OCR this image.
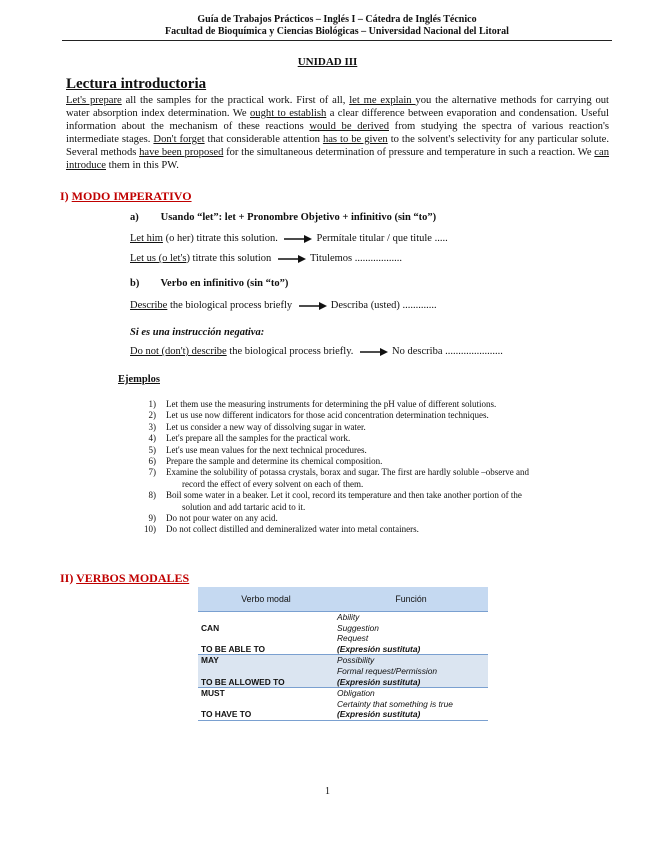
Guía de Trabajos Prácticos – Inglés I – Cátedra de Inglés Técnico
Facultad de Bioquímica y Ciencias Biológicas – Universidad Nacional del Litoral
UNIDAD III
Lectura introductoria
Let's prepare all the samples for the practical work. First of all, let me explain you the alternative methods for carrying out water absorption index determination. We ought to establish a clear difference between evaporation and condensation. Useful information about the mechanism of these reactions would be derived from studying the spectra of various reaction's intermediate stages. Don't forget that considerable attention has to be given to the solvent's selectivity for any particular solute. Several methods have been proposed for the simultaneous determination of pressure and temperature in such a reaction. We can introduce them in this PW.
I) MODO IMPERATIVO
a) Usando “let”: let + Pronombre Objetivo + infinitivo (sin “to”)
Let him (o her) titrate this solution.	Permítale titular / que titule .....
Let us (o let's) titrate this solution	Titulemos ..................
b) Verbo en infinitivo (sin “to”)
Describe the biological process briefly	Describa (usted) .............
Si es una instrucción negativa:
Do not (don't) describe the biological process briefly.	No describa ......................
Ejemplos
1)	Let them use the measuring instruments for determining the pH value of different solutions.
2)	Let us use now different indicators for those acid concentration determination techniques.
3)	Let us consider a new way of dissolving sugar in water.
4)	Let's prepare all the samples for the practical work.
5)	Let's use mean values for the next technical procedures.
6)	Prepare the sample and determine its chemical composition.
7)	Examine the solubility of potassa crystals, borax and sugar. The first are hardly soluble –observe and
record the effect of every solvent on each of them.
8)	Boil some water in a beaker. Let it cool, record its temperature and then take another portion of the
solution and add tartaric acid to it.
9)	Do not pour water on any acid.
10)	Do not collect distilled and demineralized water into metal containers.
II) VERBOS MODALES
Verbo modal	Función
	Ability
CAN	Suggestion
	Request
TO BE ABLE TO	(Expresión sustituta)

MAY	Possibility
	Formal request/Permission
TO BE ALLOWED TO	(Expresión sustituta)

MUST	Obligation
	Certainty that something is true
TO HAVE TO	(Expresión sustituta)
1
